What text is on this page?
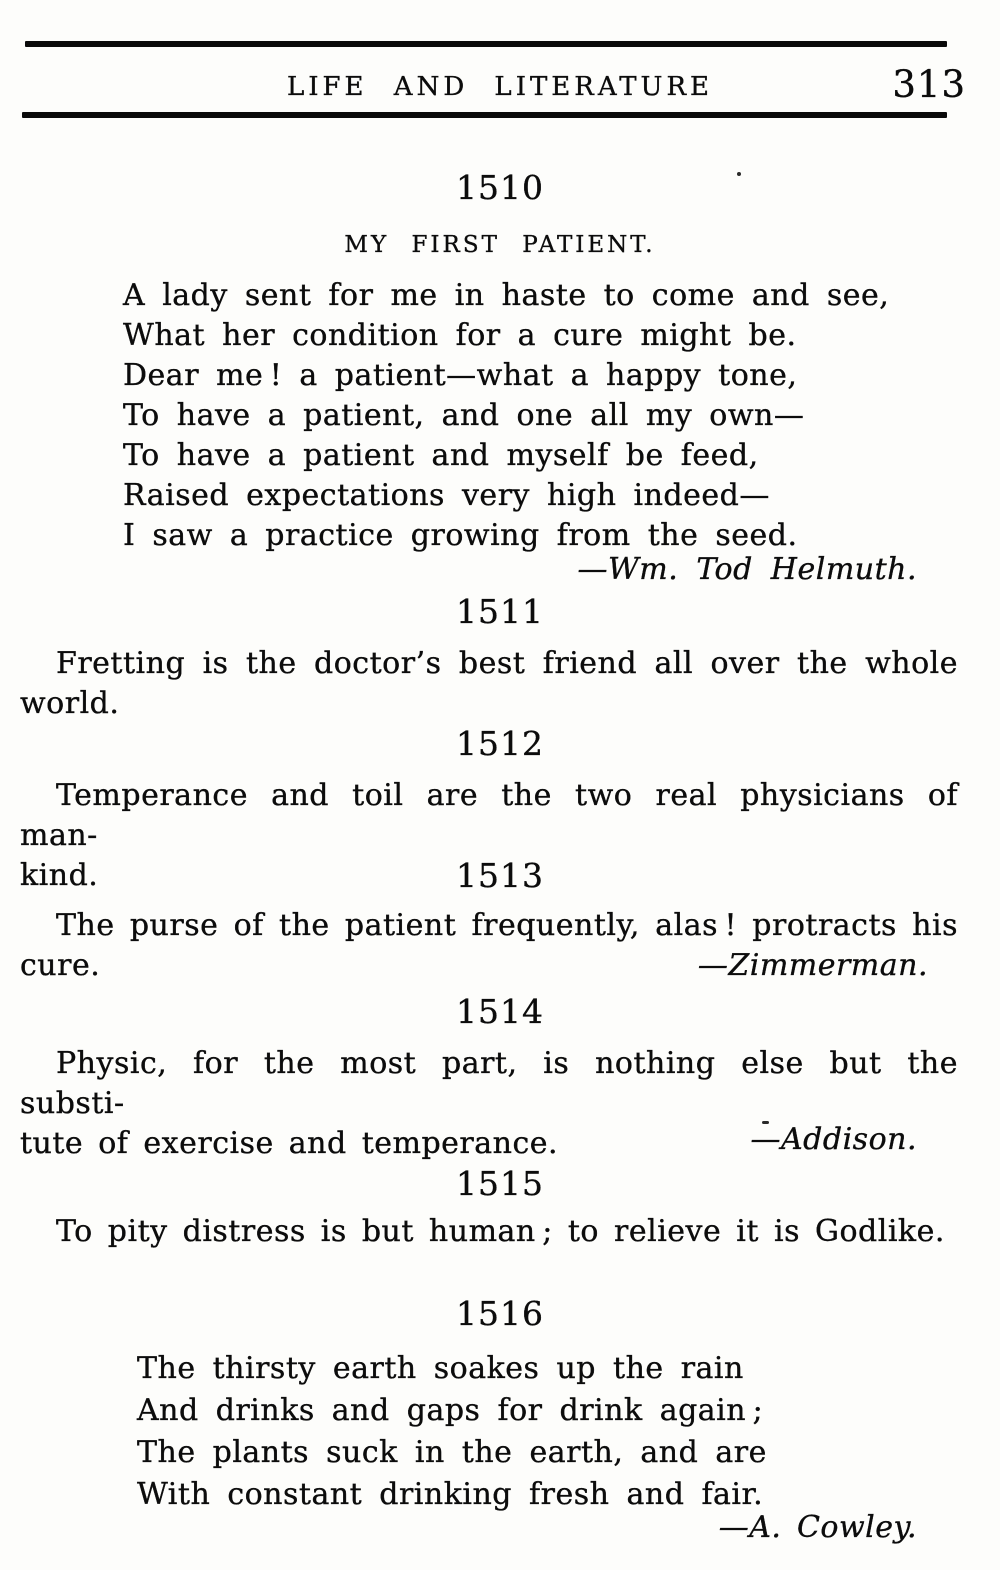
LIFE AND LITERATURE	313
1510
MY FIRST PATIENT.
A lady sent for me in haste to come and see,
What her condition for a cure might be.
Dear me ! a patient—what a happy tone,
To have a patient, and one all my own—
To have a patient and myself be feed,
Raised expectations very high indeed—
I saw a practice growing from the seed.
—Wm. Tod Helmuth.
1511
Fretting is the doctor’s best friend all over the whole
world.
1512
Temperance and toil are the two real physicians of man-
kind.	1513
The purse of the patient frequently, alas ! protracts his
cure.	—Zimmerman.
1514
Physic, for the most part, is nothing else but the substi-
tute of exercise and temperance.	—Addison.
1515
To pity distress is but human ; to relieve it is Godlike.
1516
The thirsty earth soakes up the rain
And drinks and gaps for drink again ;
The plants suck in the earth, and are
With constant drinking fresh and fair.
—A. Cowley.
